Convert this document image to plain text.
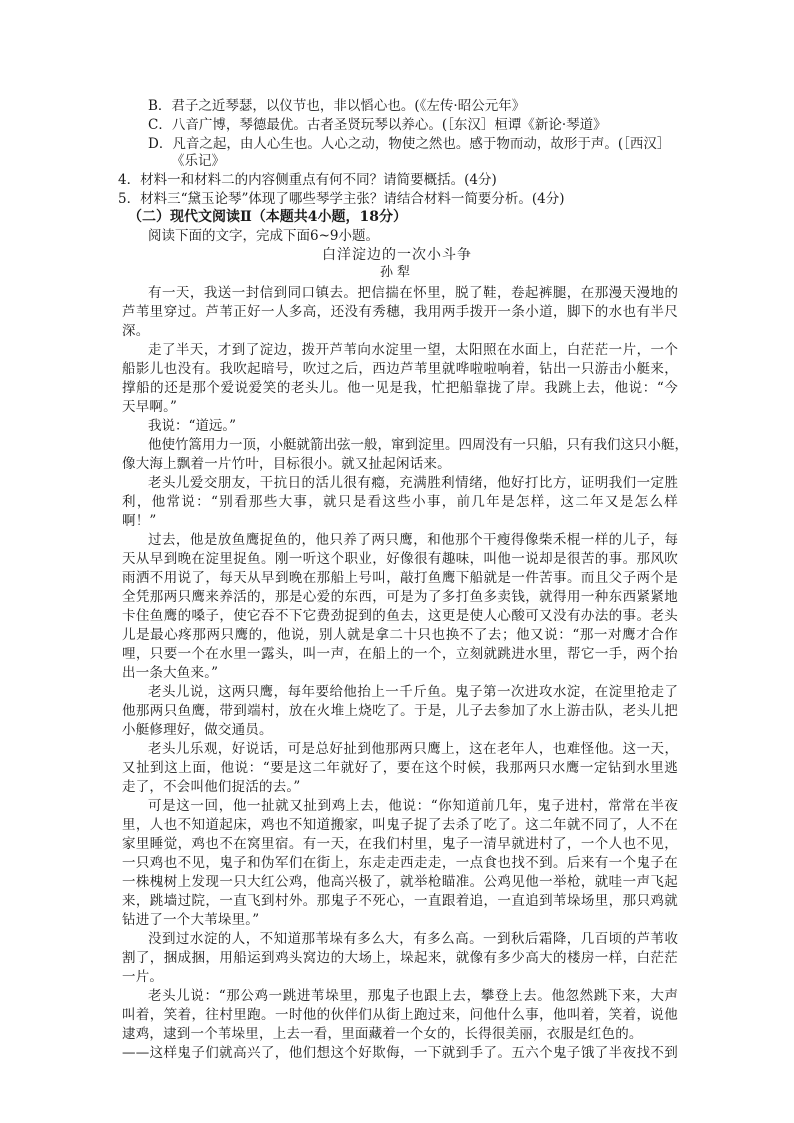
B．君子之近琴瑟，以仪节也，非以慆心也。(《左传·昭公元年》
C．八音广博，琴德最优。古者圣贤玩琴以养心。(［东汉］桓谭《新论·琴道》
D．凡音之起，由人心生也。人心之动，物使之然也。感于物而动，故形于声。(［西汉］
《乐记》
4．材料一和材料二的内容侧重点有何不同？请简要概括。(4分)
5．材料三“黛玉论琴”体现了哪些琴学主张？请结合材料一简要分析。(4分)
（二）现代文阅读Ⅱ（本题共4小题，18分）
阅读下面的文字，完成下面6~9小题。
白洋淀边的一次小斗争
孙犁
有一天，我送一封信到同口镇去。把信揣在怀里，脱了鞋，卷起裤腿，在那漫天漫地的
芦苇里穿过。芦苇正好一人多高，还没有秀穗，我用两手拨开一条小道，脚下的水也有半尺
深。
走了半天，才到了淀边，拨开芦苇向水淀里一望，太阳照在水面上，白茫茫一片，一个
船影儿也没有。我吹起暗号，吹过之后，西边芦苇里就哗啦啦响着，钻出一只游击小艇来，
撑船的还是那个爱说爱笑的老头儿。他一见是我，忙把船靠拢了岸。我跳上去，他说：“今
天早啊。”
我说：“道远。”
他使竹篙用力一顶，小艇就箭出弦一般，窜到淀里。四周没有一只船，只有我们这只小艇，
像大海上飘着一片竹叶，目标很小。就又扯起闲话来。
老头儿爱交朋友，干抗日的活儿很有瘾，充满胜利情绪，他好打比方，证明我们一定胜
利，他常说：“别看那些大事，就只是看这些小事，前几年是怎样，这二年又是怎么样
啊！”
过去，他是放鱼鹰捉鱼的，他只养了两只鹰，和他那个干瘦得像柴禾棍一样的儿子，每
天从早到晚在淀里捉鱼。刚一听这个职业，好像很有趣味，叫他一说却是很苦的事。那风吹
雨洒不用说了，每天从早到晚在那船上号叫，敲打鱼鹰下船就是一件苦事。而且父子两个是
全凭那两只鹰来养活的，那是心爱的东西，可是为了多打鱼多卖钱，就得用一种东西紧紧地
卡住鱼鹰的嗓子，使它吞不下它费劲捉到的鱼去，这更是使人心酸可又没有办法的事。老头
儿是最心疼那两只鹰的，他说，别人就是拿二十只也换不了去；他又说：“那一对鹰才合作
哩，只要一个在水里一露头，叫一声，在船上的一个，立刻就跳进水里，帮它一手，两个抬
出一条大鱼来。”
老头儿说，这两只鹰，每年要给他抬上一千斤鱼。鬼子第一次进攻水淀，在淀里抢走了
他那两只鱼鹰，带到端村，放在火堆上烧吃了。于是，儿子去参加了水上游击队，老头儿把
小艇修理好，做交通员。
老头儿乐观，好说话，可是总好扯到他那两只鹰上，这在老年人，也难怪他。这一天，
又扯到这上面，他说：“要是这二年就好了，要在这个时候，我那两只水鹰一定钻到水里逃
走了，不会叫他们捉活的去。”
可是这一回，他一扯就又扯到鸡上去，他说：“你知道前几年，鬼子进村，常常在半夜
里，人也不知道起床，鸡也不知道搬家，叫鬼子捉了去杀了吃了。这二年就不同了，人不在
家里睡觉，鸡也不在窝里宿。有一天，在我们村里，鬼子一清早就进村了，一个人也不见，
一只鸡也不见，鬼子和伪军们在街上，东走走西走走，一点食也找不到。后来有一个鬼子在
一株槐树上发现一只大红公鸡，他高兴极了，就举枪瞄准。公鸡见他一举枪，就哇一声飞起
来，跳墙过院，一直飞到村外。那鬼子不死心，一直跟着追，一直追到苇垛场里，那只鸡就
钻进了一个大苇垛里。”
没到过水淀的人，不知道那苇垛有多么大，有多么高。一到秋后霜降，几百顷的芦苇收
割了，捆成捆，用船运到鸡头窝边的大场上，垛起来，就像有多少高大的楼房一样，白茫茫
一片。
老头儿说：“那公鸡一跳进苇垛里，那鬼子也跟上去，攀登上去。他忽然跳下来，大声
叫着，笑着，往村里跑。一时他的伙伴们从街上跑过来，问他什么事，他叫着，笑着，说他
逮鸡，逮到一个苇垛里，上去一看，里面藏着一个女的，长得很美丽，衣服是红色的。
——这样鬼子们就高兴了，他们想这个好欺侮，一下就到手了。五六个鬼子饿了半夜找不到
